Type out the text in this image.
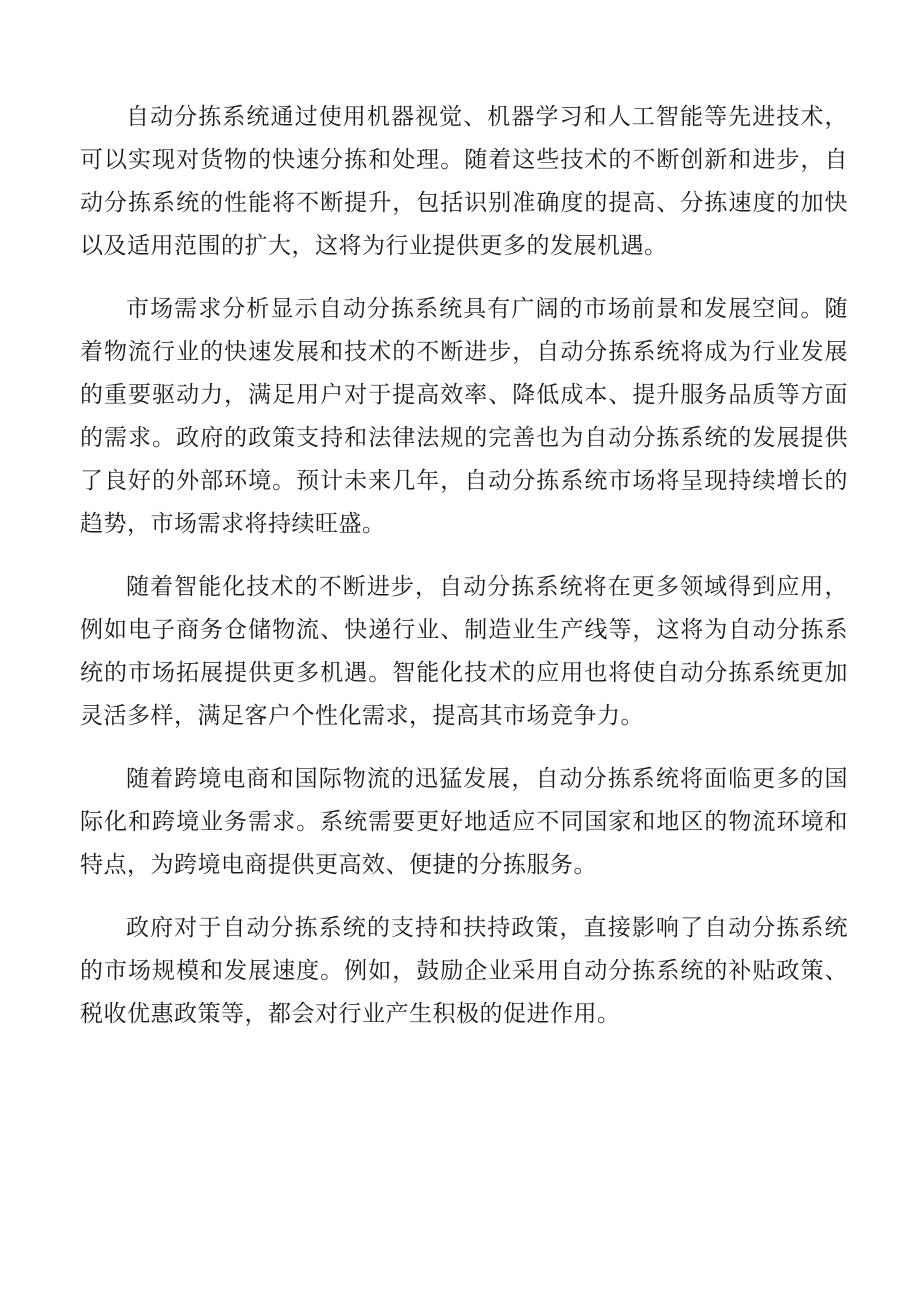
自动分拣系统通过使用机器视觉、机器学习和人工智能等先进技术，可以实现对货物的快速分拣和处理。随着这些技术的不断创新和进步，自动分拣系统的性能将不断提升，包括识别准确度的提高、分拣速度的加快以及适用范围的扩大，这将为行业提供更多的发展机遇。

市场需求分析显示自动分拣系统具有广阔的市场前景和发展空间。随着物流行业的快速发展和技术的不断进步，自动分拣系统将成为行业发展的重要驱动力，满足用户对于提高效率、降低成本、提升服务品质等方面的需求。政府的政策支持和法律法规的完善也为自动分拣系统的发展提供了良好的外部环境。预计未来几年，自动分拣系统市场将呈现持续增长的趋势，市场需求将持续旺盛。

随着智能化技术的不断进步，自动分拣系统将在更多领域得到应用，例如电子商务仓储物流、快递行业、制造业生产线等，这将为自动分拣系统的市场拓展提供更多机遇。智能化技术的应用也将使自动分拣系统更加灵活多样，满足客户个性化需求，提高其市场竞争力。

随着跨境电商和国际物流的迅猛发展，自动分拣系统将面临更多的国际化和跨境业务需求。系统需要更好地适应不同国家和地区的物流环境和特点，为跨境电商提供更高效、便捷的分拣服务。

政府对于自动分拣系统的支持和扶持政策，直接影响了自动分拣系统的市场规模和发展速度。例如，鼓励企业采用自动分拣系统的补贴政策、税收优惠政策等，都会对行业产生积极的促进作用。
